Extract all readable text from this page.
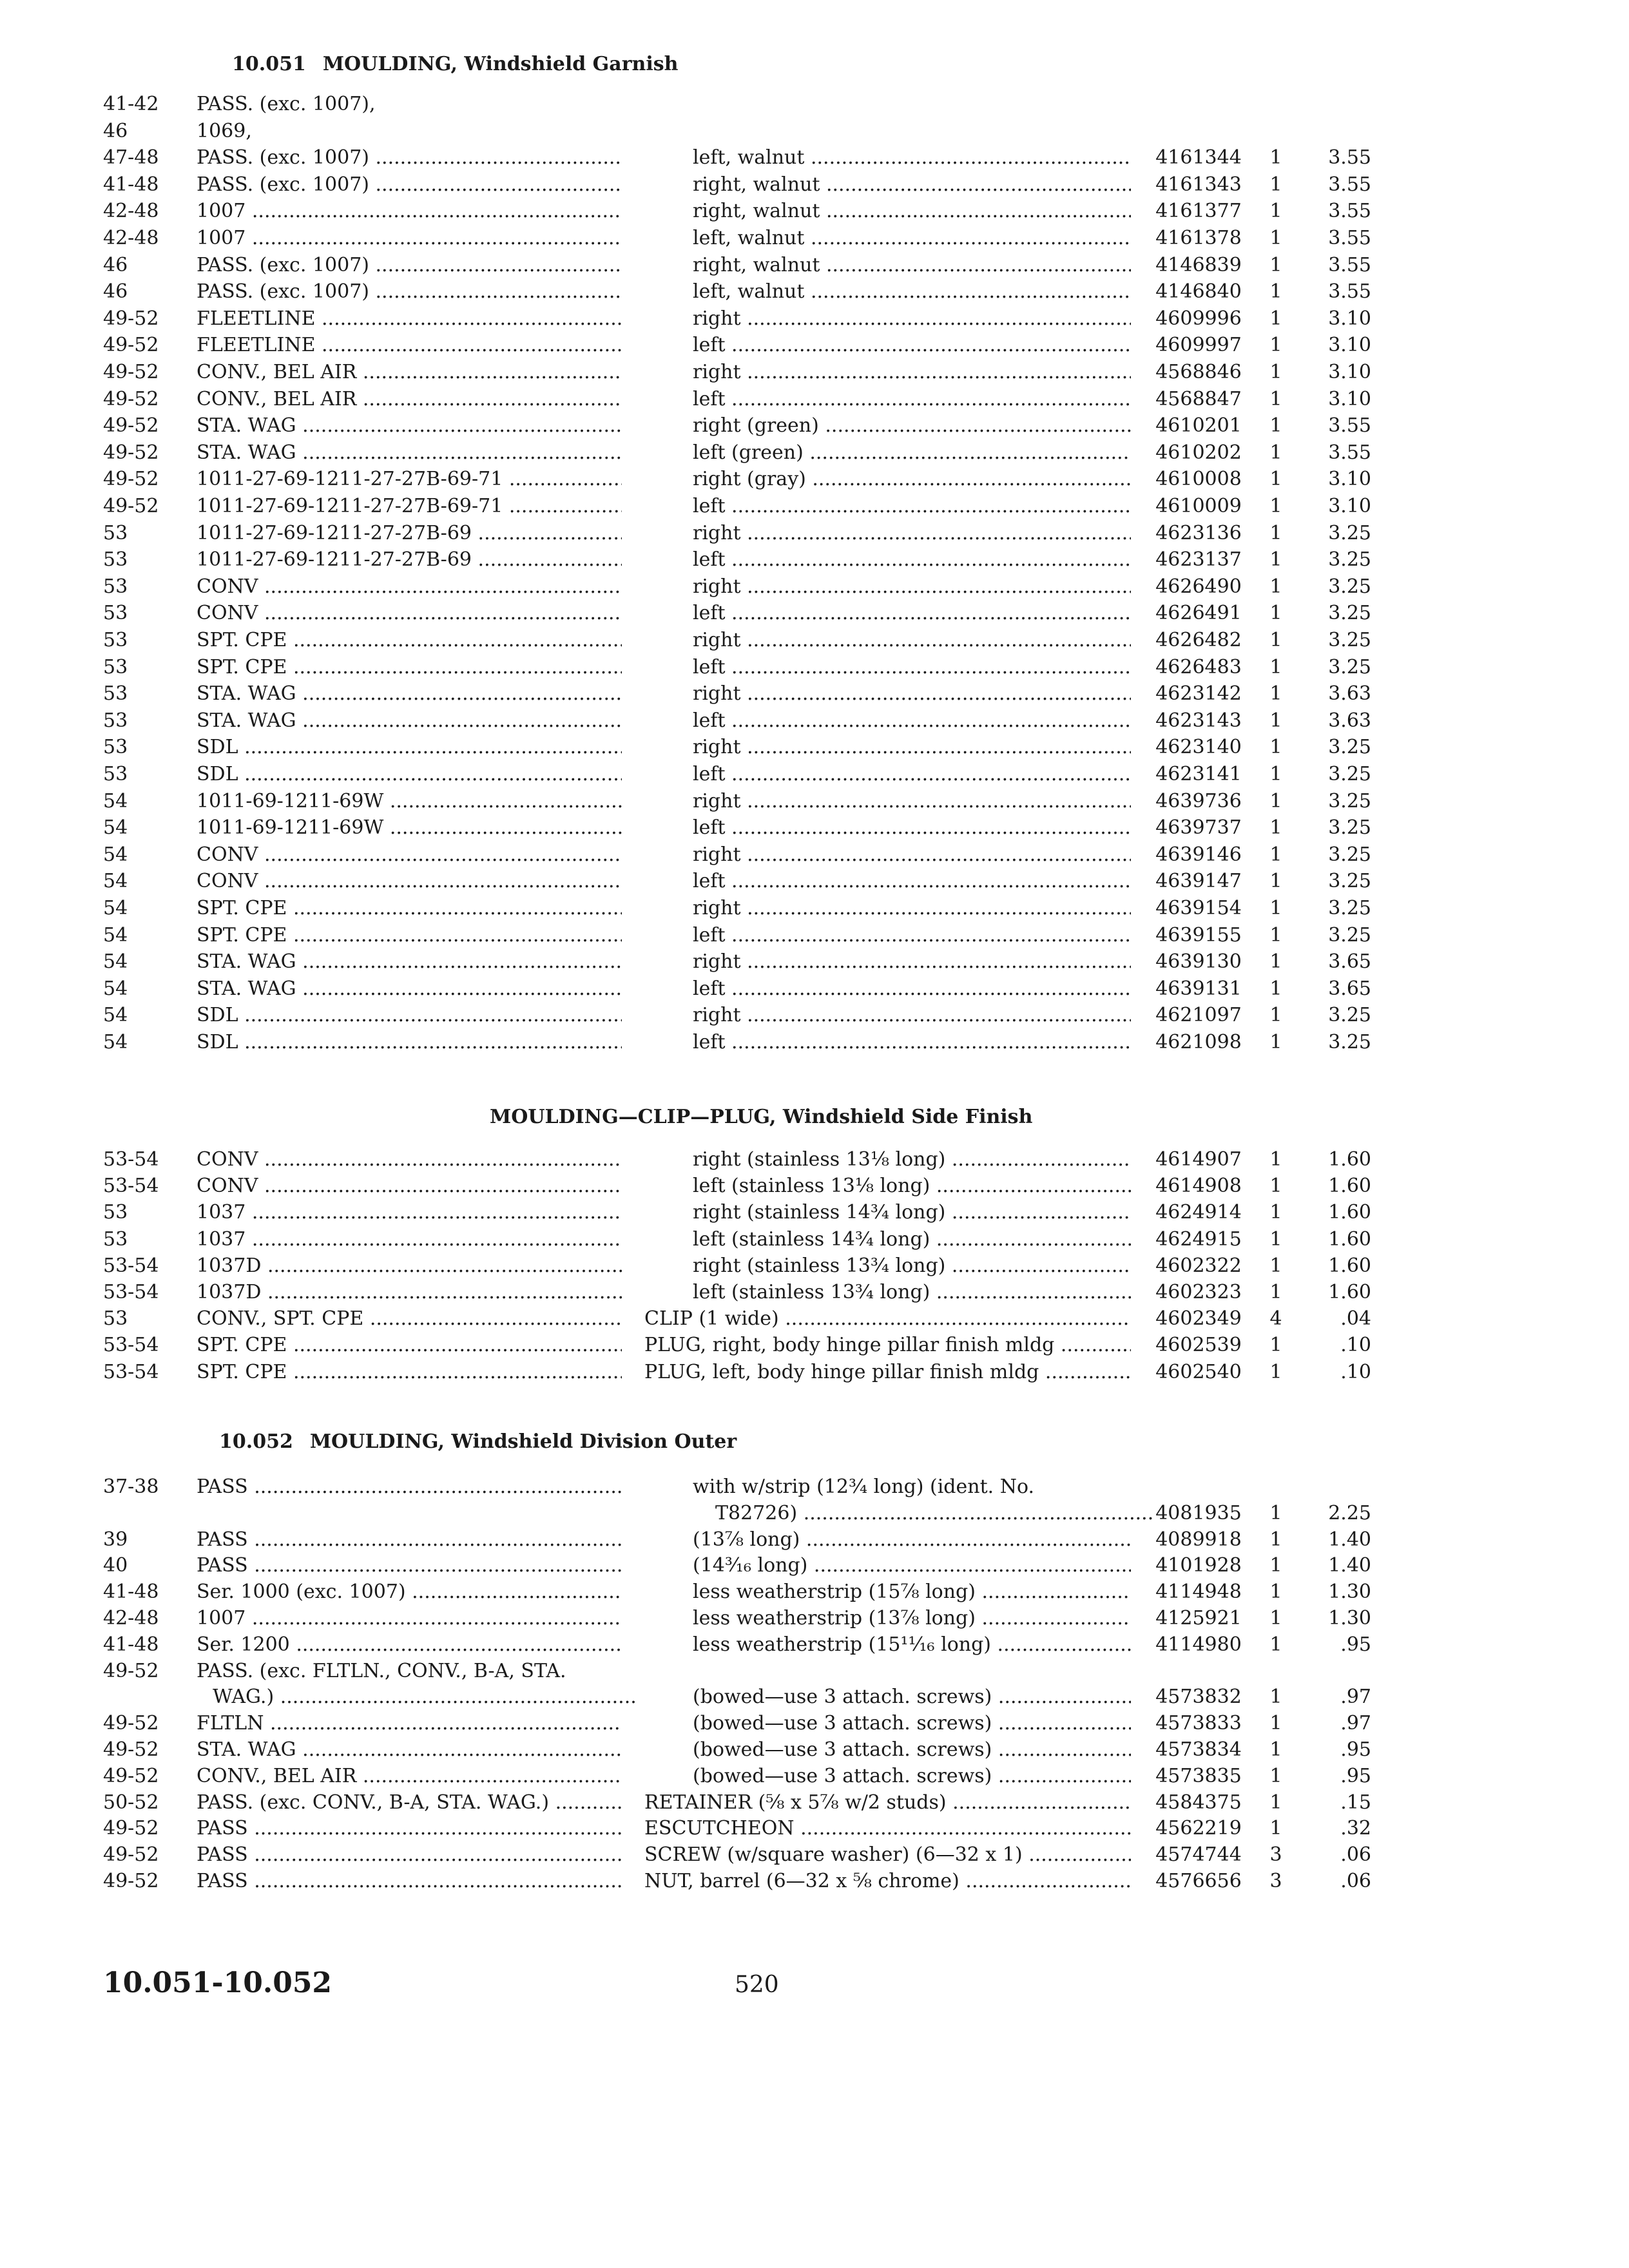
10.051 MOULDING, Windshield Garnish
41-42	PASS. (exc. 1007),
46	1069,
47-48	PASS. (exc. 1007) .....	left, walnut .....	4161344	1	3.55
41-48	PASS. (exc. 1007) .....	right, walnut .....	4161343	1	3.55
42-48	1007 .....	right, walnut .....	4161377	1	3.55
42-48	1007 .....	left, walnut .....	4161378	1	3.55
46	PASS. (exc. 1007) .....	right, walnut .....	4146839	1	3.55
46	PASS. (exc. 1007) .....	left, walnut .....	4146840	1	3.55
49-52	FLEETLINE .....	right .....	4609996	1	3.10
49-52	FLEETLINE .....	left .....	4609997	1	3.10
49-52	CONV., BEL AIR .....	right .....	4568846	1	3.10
49-52	CONV., BEL AIR .....	left .....	4568847	1	3.10
49-52	STA. WAG .....	right (green) .....	4610201	1	3.55
49-52	STA. WAG .....	left (green) .....	4610202	1	3.55
49-52	1011-27-69-1211-27-27B-69-71 .....	right (gray) .....	4610008	1	3.10
49-52	1011-27-69-1211-27-27B-69-71 .....	left .....	4610009	1	3.10
53	1011-27-69-1211-27-27B-69 .....	right .....	4623136	1	3.25
53	1011-27-69-1211-27-27B-69 .....	left .....	4623137	1	3.25
53	CONV .....	right .....	4626490	1	3.25
53	CONV .....	left .....	4626491	1	3.25
53	SPT. CPE .....	right .....	4626482	1	3.25
53	SPT. CPE .....	left .....	4626483	1	3.25
53	STA. WAG .....	right .....	4623142	1	3.63
53	STA. WAG .....	left .....	4623143	1	3.63
53	SDL .....	right .....	4623140	1	3.25
53	SDL .....	left .....	4623141	1	3.25
54	1011-69-1211-69W .....	right .....	4639736	1	3.25
54	1011-69-1211-69W .....	left .....	4639737	1	3.25
54	CONV .....	right .....	4639146	1	3.25
54	CONV .....	left .....	4639147	1	3.25
54	SPT. CPE .....	right .....	4639154	1	3.25
54	SPT. CPE .....	left .....	4639155	1	3.25
54	STA. WAG .....	right .....	4639130	1	3.65
54	STA. WAG .....	left .....	4639131	1	3.65
54	SDL .....	right .....	4621097	1	3.25
54	SDL .....	left .....	4621098	1	3.25
MOULDING—CLIP—PLUG, Windshield Side Finish
53-54	CONV .....	right (stainless 13⅛ long) .....	4614907	1	1.60
53-54	CONV .....	left (stainless 13⅛ long) .....	4614908	1	1.60
53	1037 .....	right (stainless 14¾ long) .....	4624914	1	1.60
53	1037 .....	left (stainless 14¾ long) .....	4624915	1	1.60
53-54	1037D .....	right (stainless 13¾ long) .....	4602322	1	1.60
53-54	1037D .....	left (stainless 13¾ long) .....	4602323	1	1.60
53	CONV., SPT. CPE .....	CLIP (1 wide) .....	4602349	4	.04
53-54	SPT. CPE .....	PLUG, right, body hinge pillar finish mldg .....	4602539	1	.10
53-54	SPT. CPE .....	PLUG, left, body hinge pillar finish mldg .....	4602540	1	.10
10.052 MOULDING, Windshield Division Outer
37-38	PASS .....	with w/strip (12¾ long) (ident. No.
T82726) .....	4081935	1	2.25
39	PASS .....	(13⅞ long) .....	4089918	1	1.40
40	PASS .....	(14³⁄₁₆ long) .....	4101928	1	1.40
41-48	Ser. 1000 (exc. 1007) .....	less weatherstrip (15⅞ long) .....	4114948	1	1.30
42-48	1007 .....	less weatherstrip (13⅞ long) .....	4125921	1	1.30
41-48	Ser. 1200 .....	less weatherstrip (15¹¹⁄₁₆ long) .....	4114980	1	.95
49-52	PASS. (exc. FLTLN., CONV., B-A, STA.
WAG.) .....	(bowed—use 3 attach. screws) .....	4573832	1	.97
49-52	FLTLN .....	(bowed—use 3 attach. screws) .....	4573833	1	.97
49-52	STA. WAG .....	(bowed—use 3 attach. screws) .....	4573834	1	.95
49-52	CONV., BEL AIR .....	(bowed—use 3 attach. screws) .....	4573835	1	.95
50-52	PASS. (exc. CONV., B-A, STA. WAG.) .....	RETAINER (⅝ x 5⅞ w/2 studs) .....	4584375	1	.15
49-52	PASS .....	ESCUTCHEON .....	4562219	1	.32
49-52	PASS .....	SCREW (w/square washer) (6—32 x 1) .....	4574744	3	.06
49-52	PASS .....	NUT, barrel (6—32 x ⅝ chrome) .....	4576656	3	.06
10.051-10.052	520
